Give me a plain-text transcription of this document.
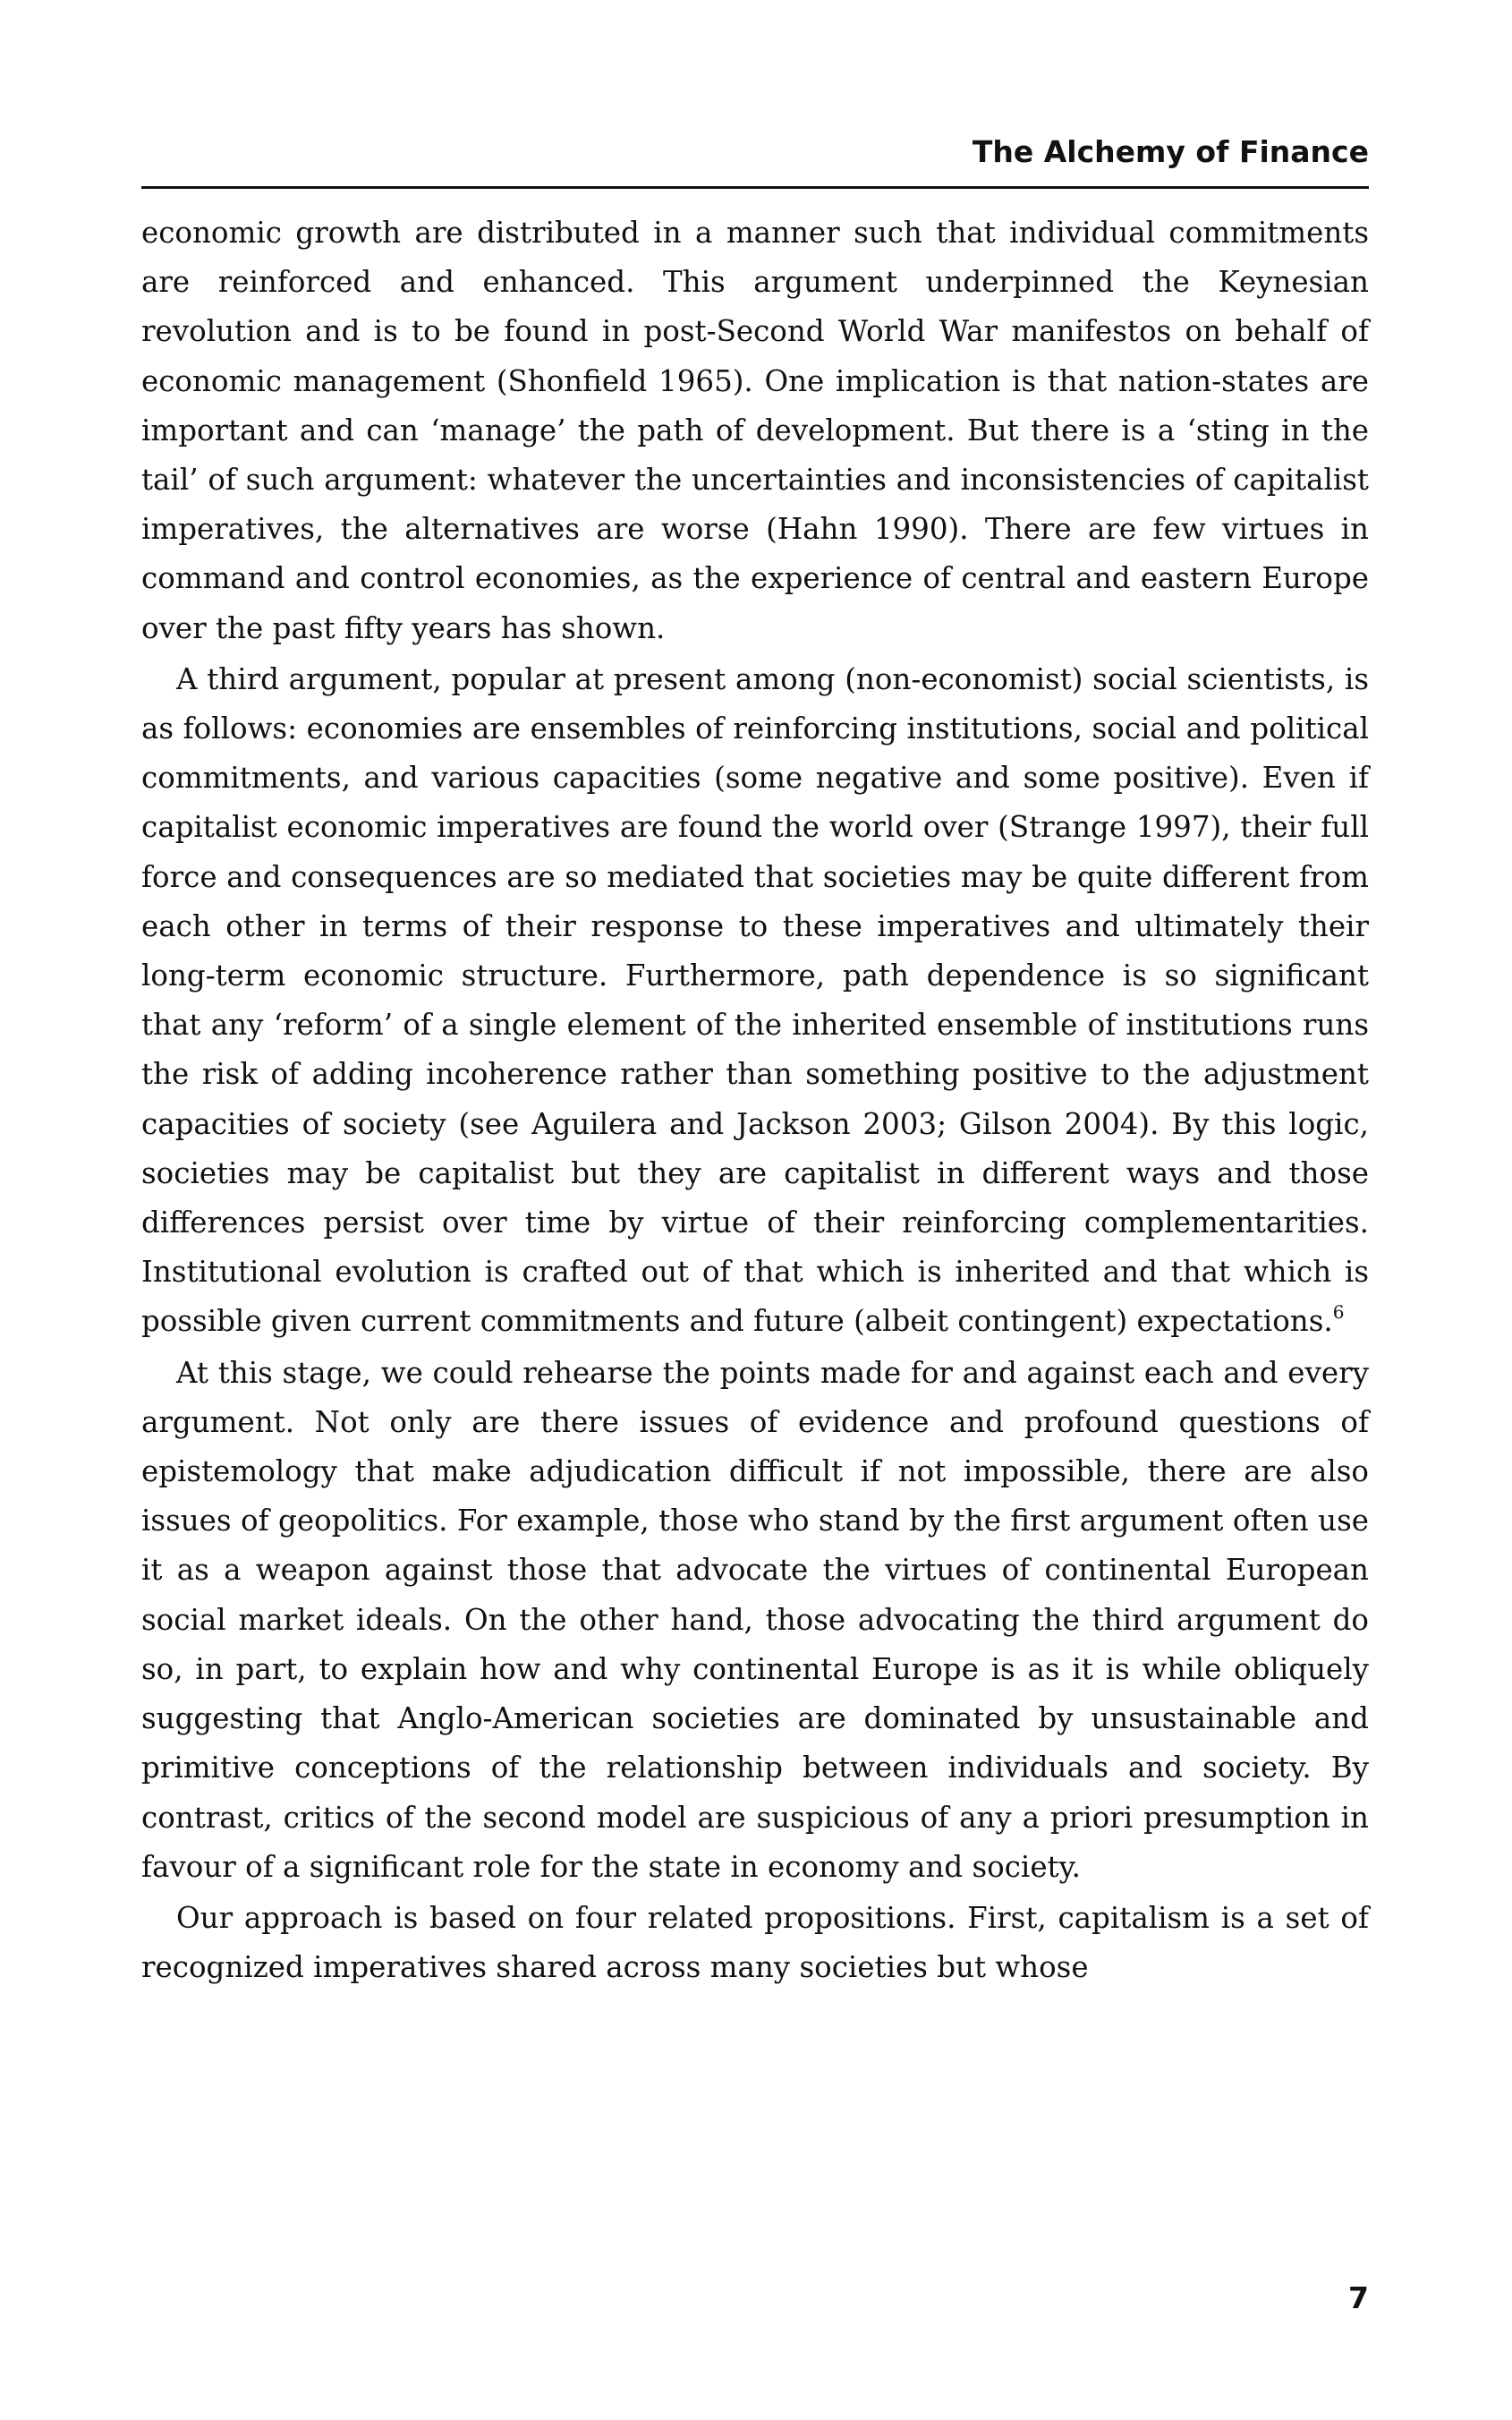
The Alchemy of Finance

economic growth are distributed in a manner such that individual commitments are reinforced and enhanced. This argument underpinned the Keynesian revolution and is to be found in post-Second World War manifestos on behalf of economic management (Shonfield 1965). One implication is that nation-states are important and can ‘manage’ the path of development. But there is a ‘sting in the tail’ of such argument: whatever the uncertainties and inconsistencies of capitalist imperatives, the alternatives are worse (Hahn 1990). There are few virtues in command and control economies, as the experience of central and eastern Europe over the past fifty years has shown.

A third argument, popular at present among (non-economist) social scientists, is as follows: economies are ensembles of reinforcing institutions, social and political commitments, and various capacities (some negative and some positive). Even if capitalist economic imperatives are found the world over (Strange 1997), their full force and consequences are so mediated that societies may be quite different from each other in terms of their response to these imperatives and ultimately their long-term economic structure. Furthermore, path dependence is so significant that any ‘reform’ of a single element of the inherited ensemble of institutions runs the risk of adding incoherence rather than something positive to the adjustment capacities of society (see Aguilera and Jackson 2003; Gilson 2004). By this logic, societies may be capitalist but they are capitalist in different ways and those differences persist over time by virtue of their reinforcing complementarities. Institutional evolution is crafted out of that which is inherited and that which is possible given current commitments and future (albeit contingent) expectations.$^6$

At this stage, we could rehearse the points made for and against each and every argument. Not only are there issues of evidence and profound questions of epistemology that make adjudication difficult if not impossible, there are also issues of geopolitics. For example, those who stand by the first argument often use it as a weapon against those that advocate the virtues of continental European social market ideals. On the other hand, those advocating the third argument do so, in part, to explain how and why continental Europe is as it is while obliquely suggesting that Anglo-American societies are dominated by unsustainable and primitive conceptions of the relationship between individuals and society. By contrast, critics of the second model are suspicious of any a priori presumption in favour of a significant role for the state in economy and society.

Our approach is based on four related propositions. First, capitalism is a set of recognized imperatives shared across many societies but whose

7
